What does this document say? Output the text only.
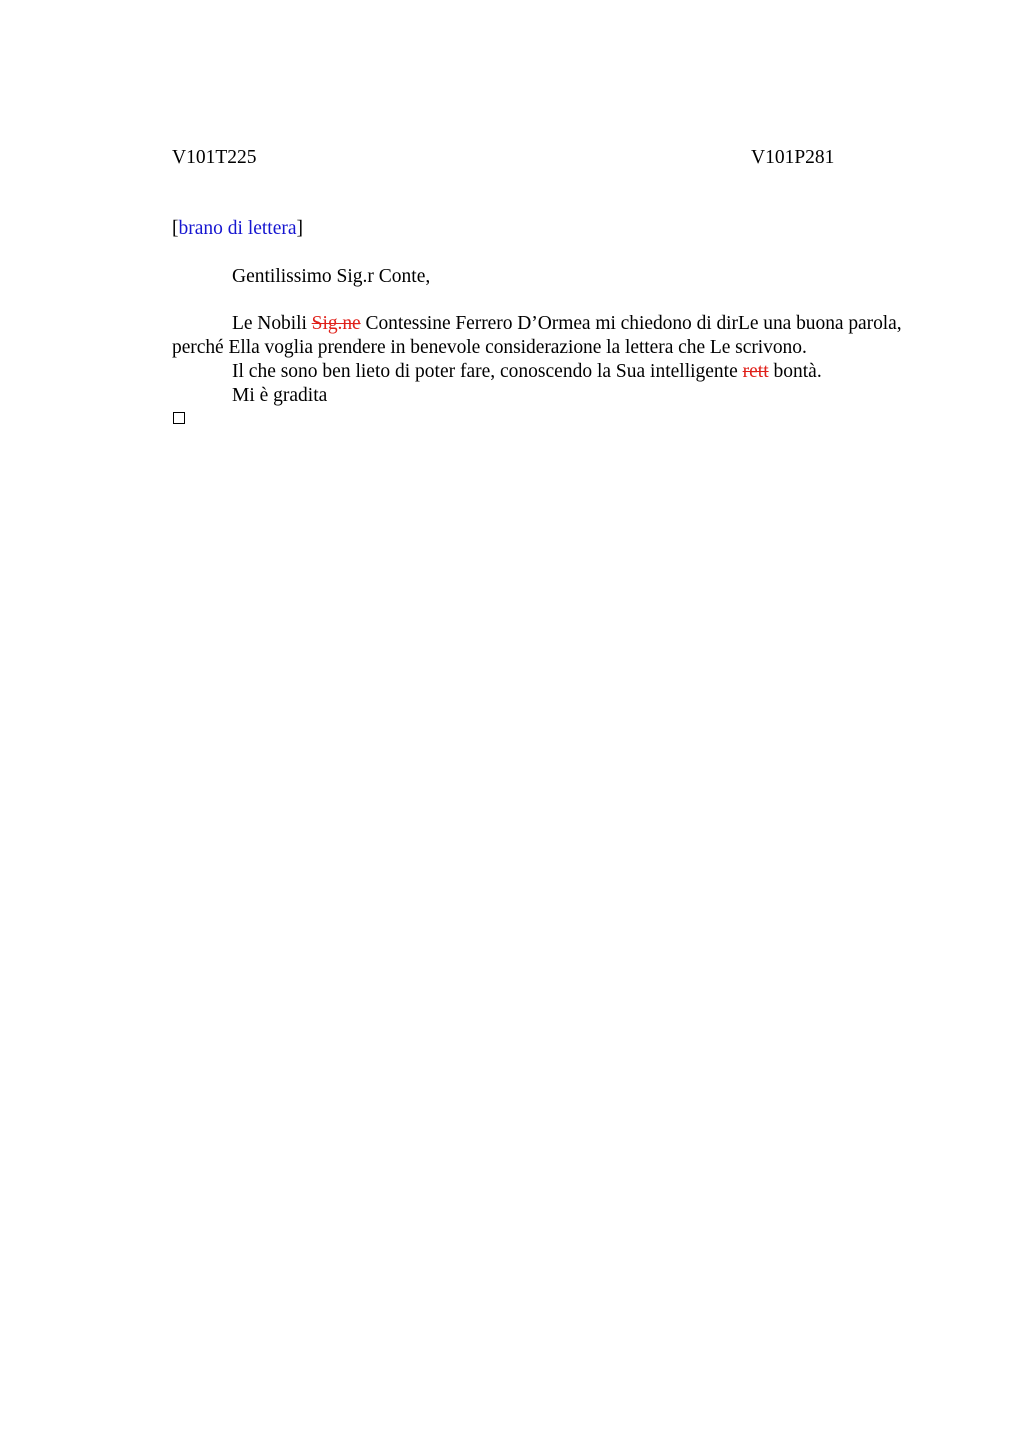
V101T225	V101P281

[brano di lettera]

Gentilissimo Sig.r Conte,

Le Nobili Sig.ne Contessine Ferrero D’Ormea mi chiedono di dirLe una buona parola, perché Ella voglia prendere in benevole considerazione la lettera che Le scrivono.

Il che sono ben lieto di poter fare, conoscendo la Sua intelligente rett bontà.

Mi è gradita
